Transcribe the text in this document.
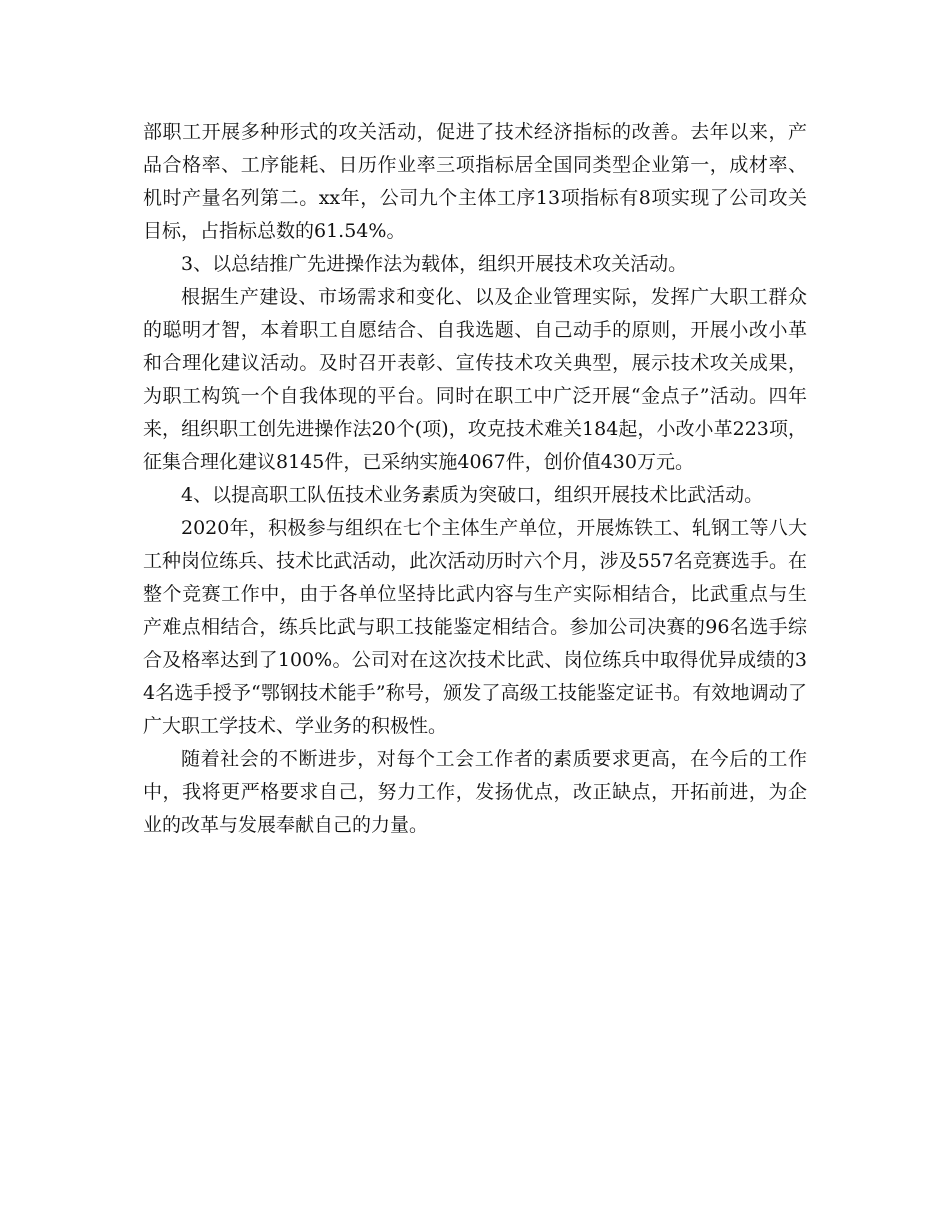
部职工开展多种形式的攻关活动，促进了技术经济指标的改善。去年以来，产品合格率、工序能耗、日历作业率三项指标居全国同类型企业第一，成材率、机时产量名列第二。xx年，公司九个主体工序13项指标有8项实现了公司攻关目标，占指标总数的61.54%。

3、以总结推广先进操作法为载体，组织开展技术攻关活动。

根据生产建设、市场需求和变化、以及企业管理实际，发挥广大职工群众的聪明才智，本着职工自愿结合、自我选题、自己动手的原则，开展小改小革和合理化建议活动。及时召开表彰、宣传技术攻关典型，展示技术攻关成果，为职工构筑一个自我体现的平台。同时在职工中广泛开展“金点子”活动。四年来，组织职工创先进操作法20个(项)，攻克技术难关184起，小改小革223项，征集合理化建议8145件，已采纳实施4067件，创价值430万元。

4、以提高职工队伍技术业务素质为突破口，组织开展技术比武活动。

2020年，积极参与组织在七个主体生产单位，开展炼铁工、轧钢工等八大工种岗位练兵、技术比武活动，此次活动历时六个月，涉及557名竞赛选手。在整个竞赛工作中，由于各单位坚持比武内容与生产实际相结合，比武重点与生产难点相结合，练兵比武与职工技能鉴定相结合。参加公司决赛的96名选手综合及格率达到了100%。公司对在这次技术比武、岗位练兵中取得优异成绩的34名选手授予“鄂钢技术能手”称号，颁发了高级工技能鉴定证书。有效地调动了广大职工学技术、学业务的积极性。

随着社会的不断进步，对每个工会工作者的素质要求更高，在今后的工作中，我将更严格要求自己，努力工作，发扬优点，改正缺点，开拓前进，为企业的改革与发展奉献自己的力量。
